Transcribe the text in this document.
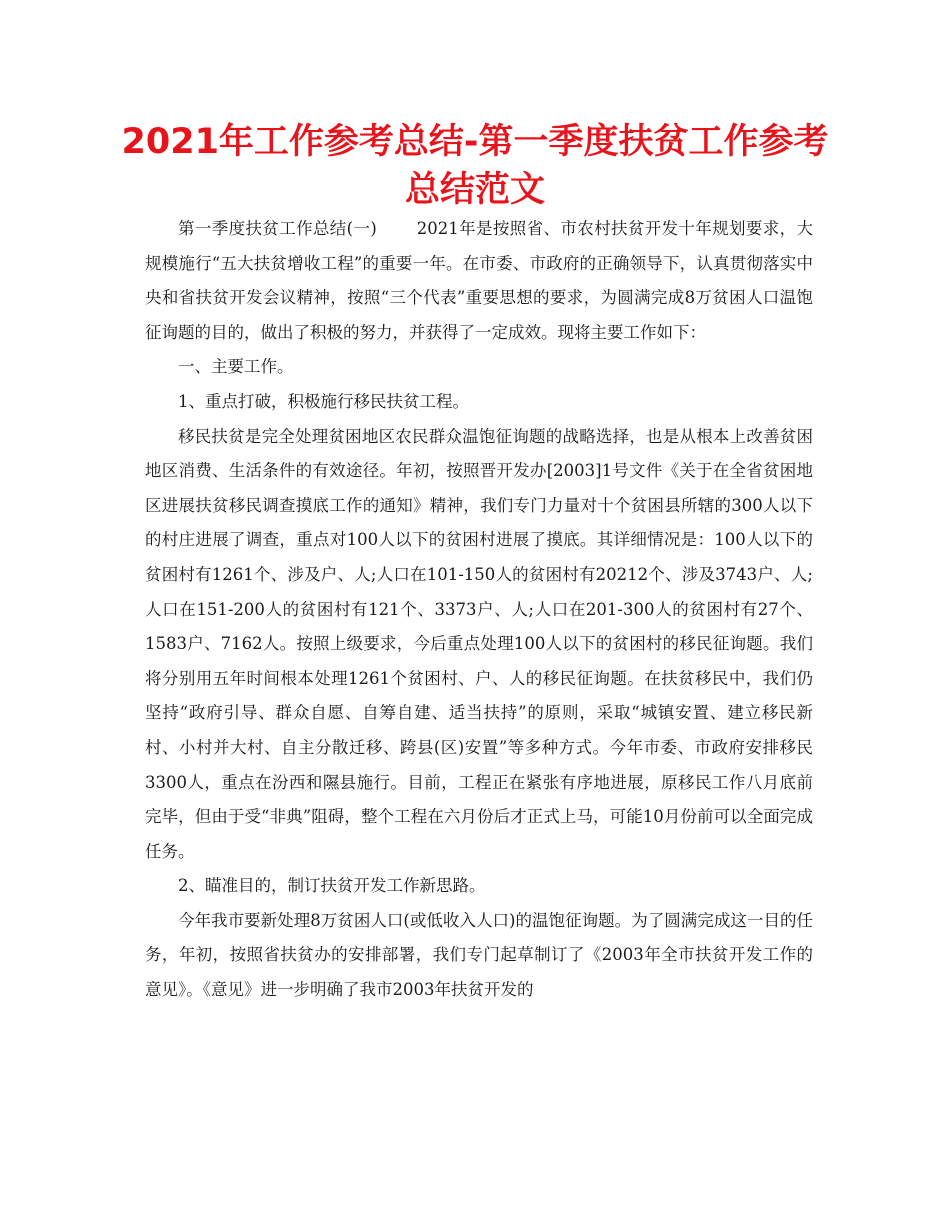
2021年工作参考总结-第一季度扶贫工作参考总结范文

第一季度扶贫工作总结(一) 2021年是按照省、市农村扶贫开发十年规划要求，大规模施行“五大扶贫增收工程”的重要一年。在市委、市政府的正确领导下，认真贯彻落实中央和省扶贫开发会议精神，按照“三个代表”重要思想的要求，为圆满完成8万贫困人口温饱征询题的目的，做出了积极的努力，并获得了一定成效。现将主要工作如下：

一、主要工作。

1、重点打破，积极施行移民扶贫工程。

移民扶贫是完全处理贫困地区农民群众温饱征询题的战略选择，也是从根本上改善贫困地区消费、生活条件的有效途径。年初，按照晋开发办[2003]1号文件《关于在全省贫困地区进展扶贫移民调查摸底工作的通知》精神，我们专门力量对十个贫困县所辖的300人以下的村庄进展了调查，重点对100人以下的贫困村进展了摸底。其详细情况是：100人以下的贫困村有1261个、涉及户、人;人口在101-150人的贫困村有20212个、涉及3743户、人;人口在151-200人的贫困村有121个、3373户、人;人口在201-300人的贫困村有27个、1583户、7162人。按照上级要求，今后重点处理100人以下的贫困村的移民征询题。我们将分别用五年时间根本处理1261个贫困村、户、人的移民征询题。在扶贫移民中，我们仍坚持“政府引导、群众自愿、自筹自建、适当扶持”的原则，采取“城镇安置、建立移民新村、小村并大村、自主分散迁移、跨县(区)安置”等多种方式。今年市委、市政府安排移民3300人，重点在汾西和隰县施行。目前，工程正在紧张有序地进展，原移民工作八月底前完毕，但由于受“非典”阻碍，整个工程在六月份后才正式上马，可能10月份前可以全面完成任务。

2、瞄准目的，制订扶贫开发工作新思路。

今年我市要新处理8万贫困人口(或低收入人口)的温饱征询题。为了圆满完成这一目的任务，年初，按照省扶贫办的安排部署，我们专门起草制订了《2003年全市扶贫开发工作的意见》。《意见》进一步明确了我市2003年扶贫开发的
